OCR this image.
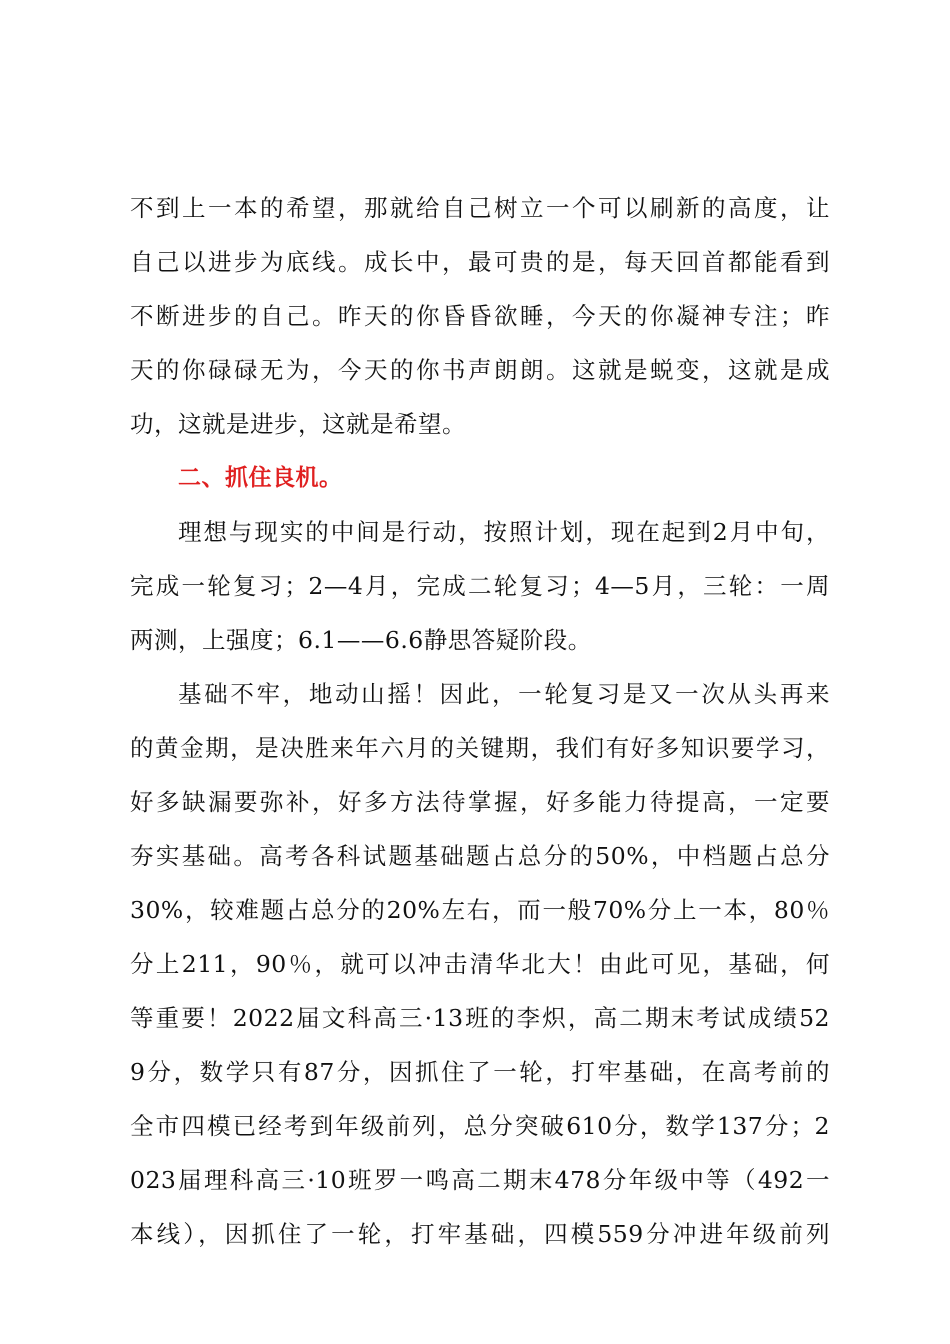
不到上一本的希望，那就给自己树立一个可以刷新的高度，让
自己以进步为底线。成长中，最可贵的是，每天回首都能看到
不断进步的自己。昨天的你昏昏欲睡，今天的你凝神专注；昨
天的你碌碌无为，今天的你书声朗朗。这就是蜕变，这就是成
功，这就是进步，这就是希望。
二、抓住良机。
理想与现实的中间是行动，按照计划，现在起到2月中旬，
完成一轮复习；2—4月，完成二轮复习；4—5月，三轮：一周
两测，上强度；6.1——6.6静思答疑阶段。
基础不牢，地动山摇！因此，一轮复习是又一次从头再来
的黄金期，是决胜来年六月的关键期，我们有好多知识要学习，
好多缺漏要弥补，好多方法待掌握，好多能力待提高，一定要
夯实基础。高考各科试题基础题占总分的50%，中档题占总分
30%，较难题占总分的20%左右，而一般70%分上一本，80％
分上211，90％，就可以冲击清华北大！由此可见，基础，何
等重要！2022届文科高三·13班的李炽，高二期末考试成绩52
9分，数学只有87分，因抓住了一轮，打牢基础，在高考前的
全市四模已经考到年级前列，总分突破610分，数学137分；2
023届理科高三·10班罗一鸣高二期末478分年级中等（492一
本线），因抓住了一轮，打牢基础，四模559分冲进年级前列
